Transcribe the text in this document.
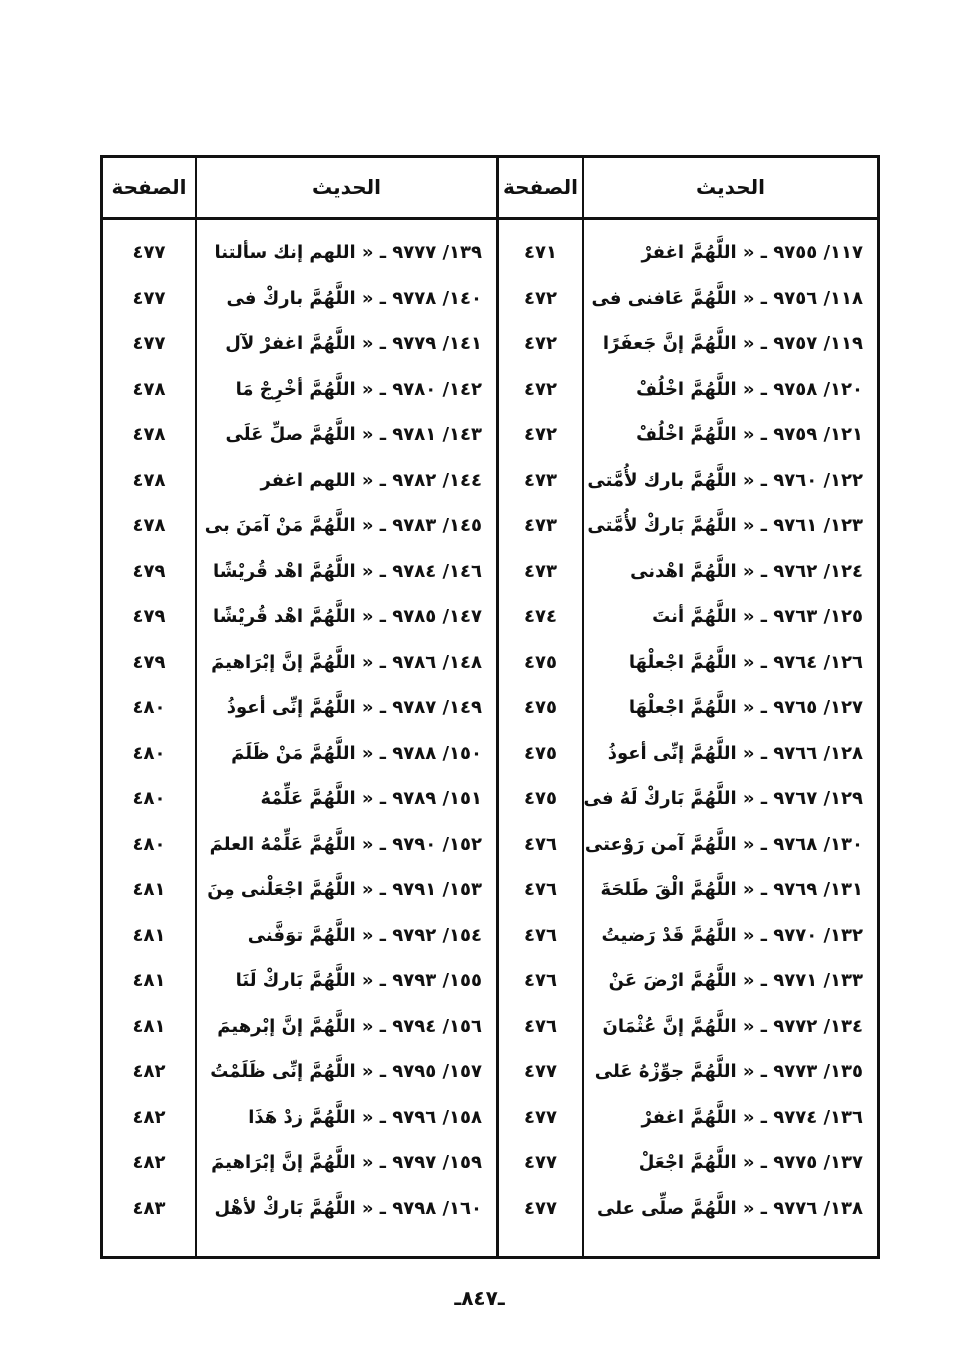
الصفحة	الحديث	الصفحة	الحديث
٤٧٧	١٣٩/ ٩٧٧٧ ـ « اللهم إنك سألتنا	٤٧١	١١٧/ ٩٧٥٥ ـ « اللَّهُمَّ اغفرْ
٤٧٧	١٤٠/ ٩٧٧٨ ـ « اللَّهُمَّ باركْ فى	٤٧٢	١١٨/ ٩٧٥٦ ـ « اللَّهُمَّ عَافنى فى
٤٧٧	١٤١/ ٩٧٧٩ ـ « اللَّهُمَّ اغفرْ لآل	٤٧٢	١١٩/ ٩٧٥٧ ـ « اللَّهُمَّ إنَّ جَعفَرًا
٤٧٨	١٤٢/ ٩٧٨٠ ـ « اللَّهُمَّ أخْرِجْ مَا	٤٧٢	١٢٠/ ٩٧٥٨ ـ « اللَّهُمَّ اخْلُفْ
٤٧٨	١٤٣/ ٩٧٨١ ـ « اللَّهُمَّ صلِّ عَلَى	٤٧٢	١٢١/ ٩٧٥٩ ـ « اللَّهُمَّ اخْلُفْ
٤٧٨	١٤٤/ ٩٧٨٢ ـ « اللهم اغفر	٤٧٣	١٢٢/ ٩٧٦٠ ـ « اللَّهُمَّ بارك لأُمَّتى
٤٧٨	١٤٥/ ٩٧٨٣ ـ « اللَّهُمَّ مَنْ آمَنَ بى	٤٧٣	١٢٣/ ٩٧٦١ ـ « اللَّهُمَّ بَاركْ لأُمَّتى
٤٧٩	١٤٦/ ٩٧٨٤ ـ « اللَّهُمَّ اهْد قُريْشًا	٤٧٣	١٢٤/ ٩٧٦٢ ـ « اللَّهُمَّ اهْدنى
٤٧٩	١٤٧/ ٩٧٨٥ ـ « اللَّهُمَّ اهْد قُريْشًا	٤٧٤	١٢٥/ ٩٧٦٣ ـ « اللَّهُمَّ أنتَ
٤٧٩	١٤٨/ ٩٧٨٦ ـ « اللَّهُمَّ إنَّ إبْرَاهيمَ	٤٧٥	١٢٦/ ٩٧٦٤ ـ « اللَّهُمَّ اجْعلْهَا
٤٨٠	١٤٩/ ٩٧٨٧ ـ « اللَّهُمَّ إنِّى أعوذُ	٤٧٥	١٢٧/ ٩٧٦٥ ـ « اللَّهُمَّ اجْعلْهَا
٤٨٠	١٥٠/ ٩٧٨٨ ـ « اللَّهُمَّ مَنْ ظَلَمَ	٤٧٥	١٢٨/ ٩٧٦٦ ـ « اللَّهُمَّ إنِّى أعوذُ
٤٨٠	١٥١/ ٩٧٨٩ ـ « اللَّهُمَّ عَلِّمْهُ	٤٧٥	١٢٩/ ٩٧٦٧ ـ « اللَّهُمَّ بَاركْ لَهُ فى
٤٨٠	١٥٢/ ٩٧٩٠ ـ « اللَّهُمَّ عَلِّمْهُ العلمَ	٤٧٦	١٣٠/ ٩٧٦٨ ـ « اللَّهُمَّ آمن رَوْعتى
٤٨١	١٥٣/ ٩٧٩١ ـ « اللَّهُمَّ اجْعَلْنى مِنَ	٤٧٦	١٣١/ ٩٧٦٩ ـ « اللَّهُمَّ الْقَ طَلحَةَ
٤٨١	١٥٤/ ٩٧٩٢ ـ « اللَّهُمَّ توَفَّنى	٤٧٦	١٣٢/ ٩٧٧٠ ـ « اللَّهُمَّ قَدْ رَضيتُ
٤٨١	١٥٥/ ٩٧٩٣ ـ « اللَّهُمَّ بَاركْ لَنَا	٤٧٦	١٣٣/ ٩٧٧١ ـ « اللَّهُمَّ ارْضَ عَنْ
٤٨١	١٥٦/ ٩٧٩٤ ـ « اللَّهُمَّ إنَّ إبْرهيمَ	٤٧٦	١٣٤/ ٩٧٧٢ ـ « اللَّهُمَّ إنَّ عُثْمَانَ
٤٨٢	١٥٧/ ٩٧٩٥ ـ « اللَّهُمَّ إنِّى ظَلَمْتُ	٤٧٧	١٣٥/ ٩٧٧٣ ـ « اللَّهُمَّ جوِّزْهُ عَلى
٤٨٢	١٥٨/ ٩٧٩٦ ـ « اللَّهُمَّ زدْ هَذَا	٤٧٧	١٣٦/ ٩٧٧٤ ـ « اللَّهُمَّ اغفرْ
٤٨٢	١٥٩/ ٩٧٩٧ ـ « اللَّهُمَّ إنَّ إبْرَاهيمَ	٤٧٧	١٣٧/ ٩٧٧٥ ـ « اللَّهُمَّ اجْعَلْ
٤٨٣	١٦٠/ ٩٧٩٨ ـ « اللَّهُمَّ بَاركْ لأهْل	٤٧٧	١٣٨/ ٩٧٧٦ ـ « اللَّهُمَّ صلِّى على
ـ٨٤٧ـ
